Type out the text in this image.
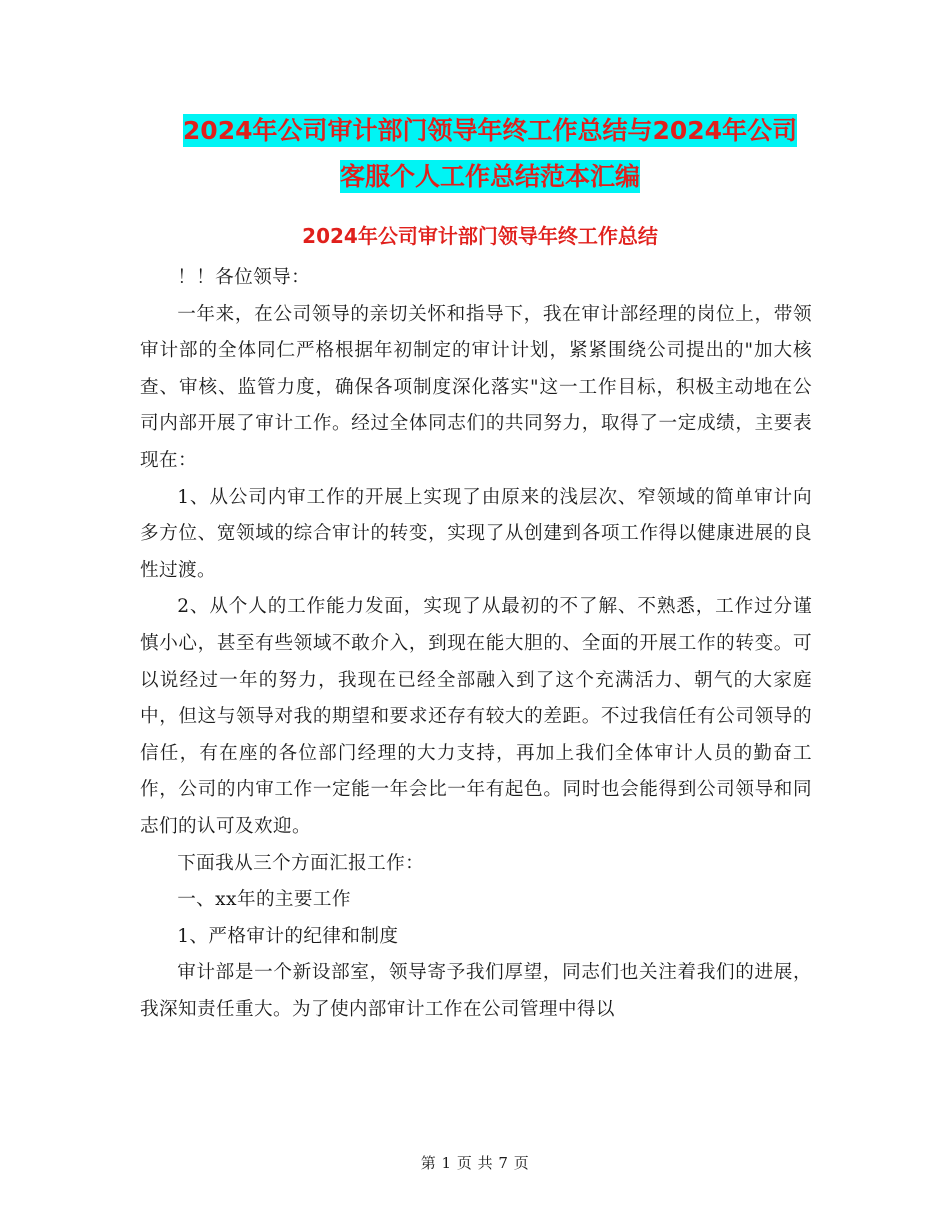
2024年公司审计部门领导年终工作总结与2024年公司
客服个人工作总结范本汇编
2024年公司审计部门领导年终工作总结

！！各位领导：

一年来，在公司领导的亲切关怀和指导下，我在审计部经理的岗位上，带领审计部的全体同仁严格根据年初制定的审计计划，紧紧围绕公司提出的"加大核查、审核、监管力度，确保各项制度深化落实"这一工作目标，积极主动地在公司内部开展了审计工作。经过全体同志们的共同努力，取得了一定成绩，主要表现在：

1、从公司内审工作的开展上实现了由原来的浅层次、窄领域的简单审计向多方位、宽领域的综合审计的转变，实现了从创建到各项工作得以健康进展的良性过渡。

2、从个人的工作能力发面，实现了从最初的不了解、不熟悉，工作过分谨慎小心，甚至有些领域不敢介入，到现在能大胆的、全面的开展工作的转变。可以说经过一年的努力，我现在已经全部融入到了这个充满活力、朝气的大家庭中，但这与领导对我的期望和要求还存有较大的差距。不过我信任有公司领导的信任，有在座的各位部门经理的大力支持，再加上我们全体审计人员的勤奋工作，公司的内审工作一定能一年会比一年有起色。同时也会能得到公司领导和同志们的认可及欢迎。

下面我从三个方面汇报工作：

一、xx年的主要工作

1、严格审计的纪律和制度

审计部是一个新设部室，领导寄予我们厚望，同志们也关注着我们的进展，我深知责任重大。为了使内部审计工作在公司管理中得以

第 1 页 共 7 页
